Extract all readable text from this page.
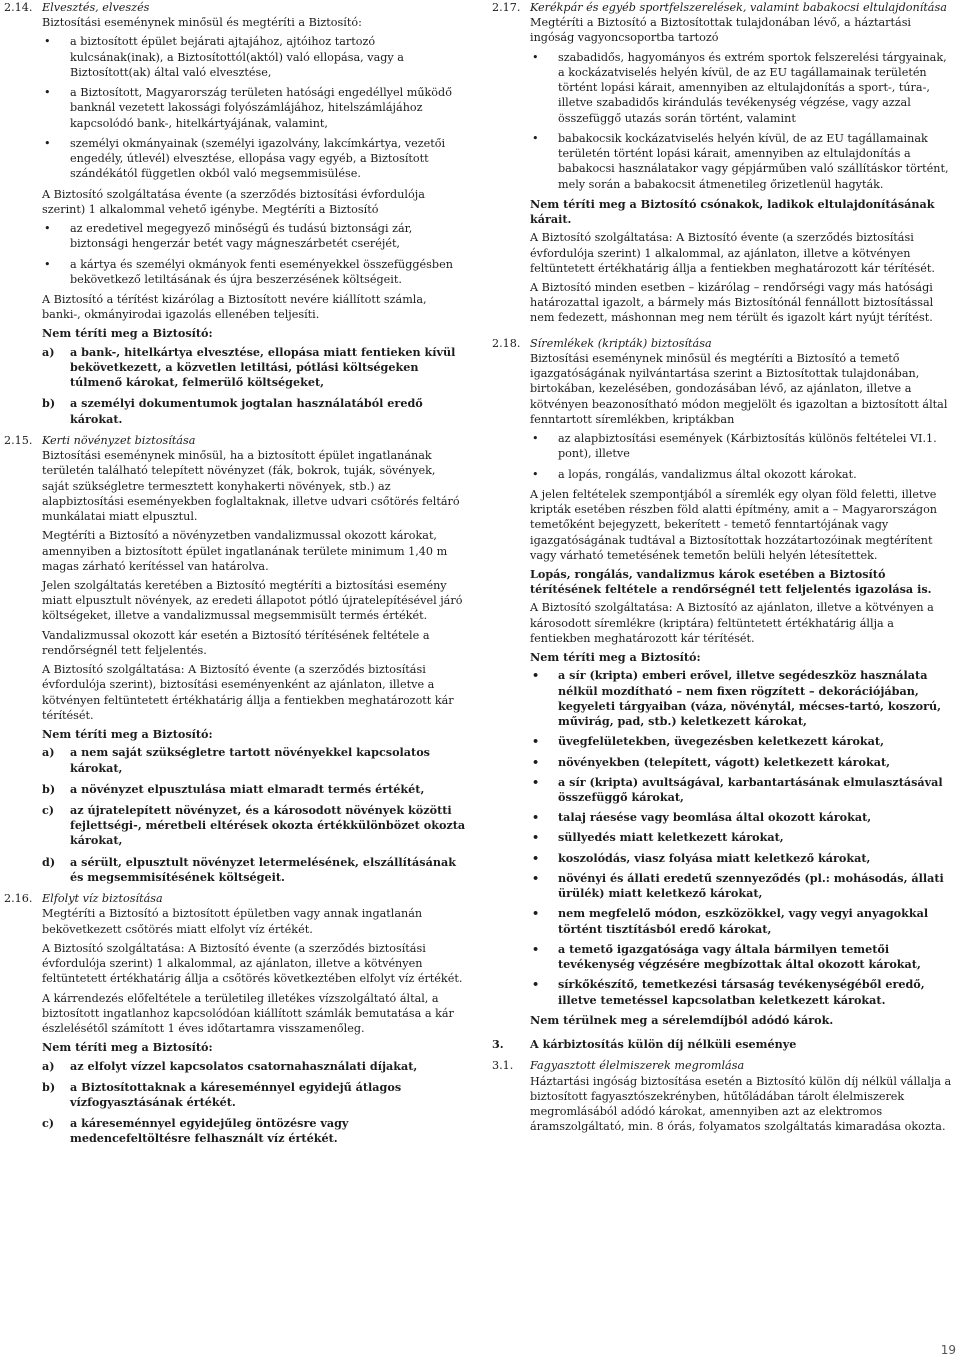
2.14. Elvesztés, elveszés

Biztosítási eseménynek minősül és megtéríti a Biztosító:

• a biztosított épület bejárati ajtajához, ajtóihoz tartozó kulcsának(inak), a Biztosítottól(aktól) való ellopása, vagy a Biztosított(ak) által való elvesztése,
• a Biztosított, Magyarország területen hatósági engedéllyel működő banknál vezetett lakossági folyószámlájához, hitelszámlájához kapcsolódó bank-, hitelkártyájának, valamint,
• személyi okmányainak (személyi igazolvány, lakcímkártya, vezetői engedély, útlevél) elvesztése, ellopása vagy egyéb, a Biztosított szándékától független okból való megsemmisülése.

A Biztosító szolgáltatása évente (a szerződés biztosítási évfordulója szerint) 1 alkalommal vehető igénybe. Megtéríti a Biztosító

• az eredetivel megegyező minőségű és tudású biztonsági zár, biztonsági hengerzár betét vagy mágneszárbetét cseréjét,
• a kártya és személyi okmányok fenti eseményekkel összefüggésben bekövetkező letiltásának és újra beszerzésének költségeit.

A Biztosító a térítést kizárólag a Biztosított nevére kiállított számla, banki-, okmányirodai igazolás ellenében teljesíti.

Nem téríti meg a Biztosító:
a)	a bank-, hitelkártya elvesztése, ellopása miatt fentieken kívül bekövetkezett, a közvetlen letiltási, pótlási költségeken túlmenő károkat, felmerülő költségeket,
b)	a személyi dokumentumok jogtalan használatából eredő károkat.
2.15. Kerti növényzet biztosítása

Biztosítási eseménynek minősül, ha a biztosított épület ingatlanának területén található telepített növényzet (fák, bokrok, tuják, sövények, saját szükségletre termesztett konyhakerti növények, stb.) az alapbiztosítási eseményekben foglaltaknak, illetve udvari csőtörés feltáró munkálatai miatt elpusztul.

Megtéríti a Biztosító a növényzetben vandalizmussal okozott károkat, amennyiben a biztosított épület ingatlanának területe minimum 1,40 m magas zárható kerítéssel van határolva.

Jelen szolgáltatás keretében a Biztosító megtéríti a biztosítási esemény miatt elpusztult növények, az eredeti állapotot pótló újratelepítésével járó költségeket, illetve a vandalizmussal megsemmisült termés értékét.

Vandalizmussal okozott kár esetén a Biztosító térítésének feltétele a rendőrségnél tett feljelentés.

A Biztosító szolgáltatása: A Biztosító évente (a szerződés biztosítási évfordulója szerint), biztosítási eseményenként az ajánlaton, illetve a kötvényen feltüntetett értékhatárig állja a fentiekben meghatározott kár térítését.

Nem téríti meg a Biztosító:
a)	a nem saját szükségletre tartott növényekkel kapcsolatos károkat,
b)	a növényzet elpusztulása miatt elmaradt termés értékét,
c)	az újratelepített növényzet, és a károsodott növények közötti fejlettségi-, méretbeli eltérések okozta értékkülönbözet okozta károkat,
d)	a sérült, elpusztult növényzet letermelésének, elszállításának és megsemmisítésének költségeit.
2.16. Elfolyt víz biztosítása

Megtéríti a Biztosító a biztosított épületben vagy annak ingatlanán bekövetkezett csőtörés miatt elfolyt víz értékét.

A Biztosító szolgáltatása: A Biztosító évente (a szerződés biztosítási évfordulója szerint) 1 alkalommal, az ajánlaton, illetve a kötvényen feltüntetett értékhatárig állja a csőtörés következtében elfolyt víz értékét.

A kárrendezés előfeltétele a területileg illetékes vízszolgáltató által, a biztosított ingatlanhoz kapcsolódóan kiállított számlák bemutatása a kár észlelésétől számított 1 éves időtartamra visszamenőleg.

Nem téríti meg a Biztosító:
a)	az elfolyt vízzel kapcsolatos csatornahasználati díjakat,
b)	a Biztosítottaknak a káreseménnyel egyidejű átlagos vízfogyasztásának értékét.
c)	a káreseménnyel egyidejűleg öntözésre vagy medencefeltöltésre felhasznált víz értékét.
2.17. Kerékpár és egyéb sportfelszerelések, valamint babakocsi eltulajdonítása

Megtéríti a Biztosító a Biztosítottak tulajdonában lévő, a háztartási ingóság vagyoncsoportba tartozó

• szabadidős, hagyományos és extrém sportok felszerelési tárgyainak, a kockázatviselés helyén kívül, de az EU tagállamainak területén történt lopási kárait, amennyiben az eltulajdonítás a sport-, túra-, illetve szabadidős kirándulás tevékenység végzése, vagy azzal összefüggő utazás során történt, valamint
• babakocsik kockázatviselés helyén kívül, de az EU tagállamainak területén történt lopási kárait, amennyiben az eltulajdonítás a babakocsi használatakor vagy gépjárműben való szállításkor történt, mely során a babakocsit átmenetileg őrizetlenül hagyták.
Nem téríti meg a Biztosító csónakok, ladikok eltulajdonításának kárait.

A Biztosító szolgáltatása: A Biztosító évente (a szerződés biztosítási évfordulója szerint) 1 alkalommal, az ajánlaton, illetve a kötvényen feltüntetett értékhatárig állja a fentiekben meghatározott kár térítését.

A Biztosító minden esetben – kizárólag – rendőrségi vagy más hatósági határozattal igazolt, a bármely más Biztosítónál fennállott biztosítással nem fedezett, máshonnan meg nem térült és igazolt kárt nyújt térítést.

2.18. Síremlékek (kripták) biztosítása

Biztosítási eseménynek minősül és megtéríti a Biztosító a temető igazgatóságának nyilvántartása szerint a Biztosítottak tulajdonában, birtokában, kezelésében, gondozásában lévő, az ajánlaton, illetve a kötvényen beazonosítható módon megjelölt és igazoltan a biztosított által fenntartott síremlékben, kriptákban

• az alapbiztosítási események (Kárbiztosítás különös feltételei VI.1. pont), illetve
• a lopás, rongálás, vandalizmus által okozott károkat.

A jelen feltételek szempontjából a síremlék egy olyan föld feletti, illetve kripták esetében részben föld alatti építmény, amit a – Magyarországon temetőként bejegyzett, bekerített - temető fenntartójának vagy igazgatóságának tudtával a Biztosítottak hozzátartozóinak megtérítent vagy várható temetésének temetőn belüli helyén létesítettek.

Lopás, rongálás, vandalizmus károk esetében a Biztosító térítésének feltétele a rendőrségnél tett feljelentés igazolása is.

A Biztosító szolgáltatása: A Biztosító az ajánlaton, illetve a kötvényen a károsodott síremlékre (kriptára) feltüntetett értékhatárig állja a fentiekben meghatározott kár térítését.

Nem téríti meg a Biztosító:
• a sír (kripta) emberi erővel, illetve segédeszköz használata nélkül mozdítható – nem fixen rögzített – dekorációjában, kegyeleti tárgyaiban (váza, növénytál, mécses-tartó, koszorú, művirág, pad, stb.) keletkezett károkat,
• üvegfelületekben, üvegezésben keletkezett károkat,
• növényekben (telepített, vágott) keletkezett károkat,
• a sír (kripta) avultságával, karbantartásának elmulasztásával összefüggő károkat,
• talaj ráesése vagy beomlása által okozott károkat,
• süllyedés miatt keletkezett károkat,
• koszolódás, viasz folyása miatt keletkező károkat,
• növényi és állati eredetű szennyeződés (pl.: mohásodás, állati ürülék) miatt keletkező károkat,
• nem megfelelő módon, eszközökkel, vagy vegyi anyagokkal történt tisztításból eredő károkat,
• a temető igazgatósága vagy általa bármilyen temetői tevékenység végzésére megbízottak által okozott károkat,
• sírkőkészítő, temetkezési társaság tevékenységéből eredő, illetve temetéssel kapcsolatban keletkezett károkat.
Nem térülnek meg a sérelemdíjból adódó károk.
3.	A kárbiztosítás külön díj nélküli eseménye
3.1.	Fagyasztott élelmiszerek megromlása

Háztartási ingóság biztosítása esetén a Biztosító külön díj nélkül vállalja a biztosított fagyasztószekrényben, hűtőládában tárolt élelmiszerek megromlásából adódó károkat, amennyiben azt az elektromos áramszolgáltató, min. 8 órás, folyamatos szolgáltatás kimaradása okozta.

19
